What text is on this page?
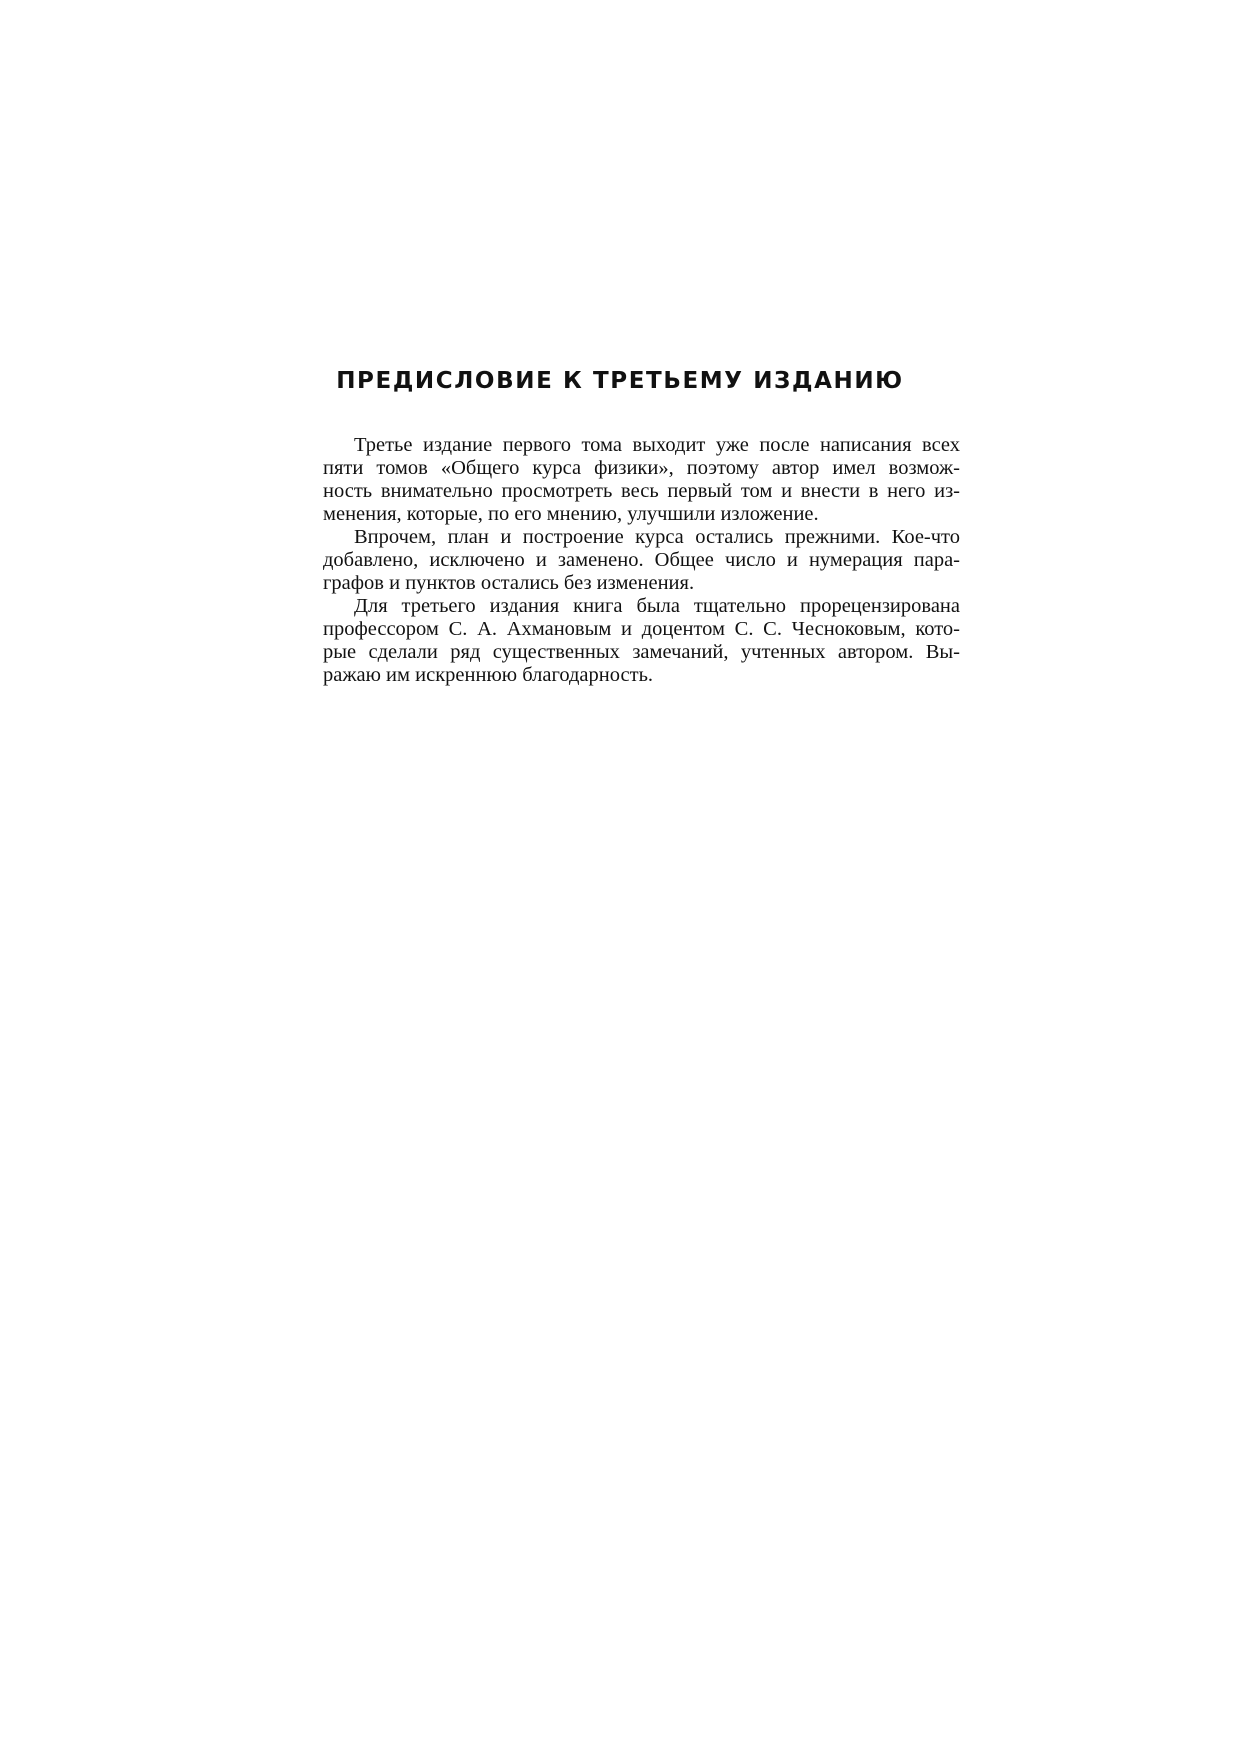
ПРЕДИСЛОВИЕ К ТРЕТЬЕМУ ИЗДАНИЮ
Третье издание первого тома выходит уже после написания всех
пяти томов «Общего курса физики», поэтому автор имел возмож-
ность внимательно просмотреть весь первый том и внести в него из-
менения, которые, по его мнению, улучшили изложение.
Впрочем, план и построение курса остались прежними. Кое-что
добавлено, исключено и заменено. Общее число и нумерация пара-
графов и пунктов остались без изменения.
Для третьего издания книга была тщательно прорецензирована
профессором С. А. Ахмановым и доцентом С. С. Чесноковым, кото-
рые сделали ряд существенных замечаний, учтенных автором. Вы-
ражаю им искреннюю благодарность.
